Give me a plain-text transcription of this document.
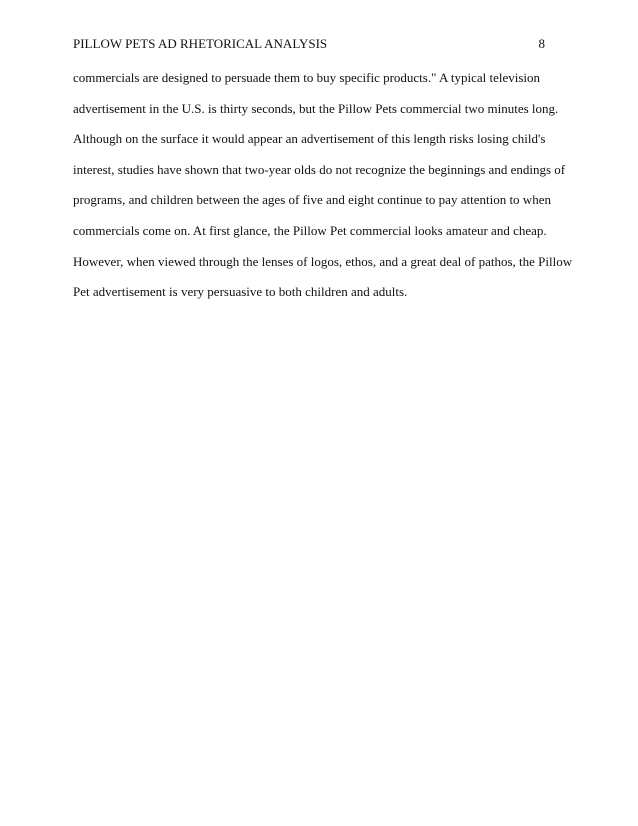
PILLOW PETS AD RHETORICAL ANALYSIS	8
commercials are designed to persuade them to buy specific products." A typical television
advertisement in the U.S. is thirty seconds, but the Pillow Pets commercial two minutes long.
Although on the surface it would appear an advertisement of this length risks losing child's
interest, studies have shown that two-year olds do not recognize the beginnings and endings of
programs, and children between the ages of five and eight continue to pay attention to when
commercials come on. At first glance, the Pillow Pet commercial looks amateur and cheap.
However, when viewed through the lenses of logos, ethos, and a great deal of pathos, the Pillow
Pet advertisement is very persuasive to both children and adults.
